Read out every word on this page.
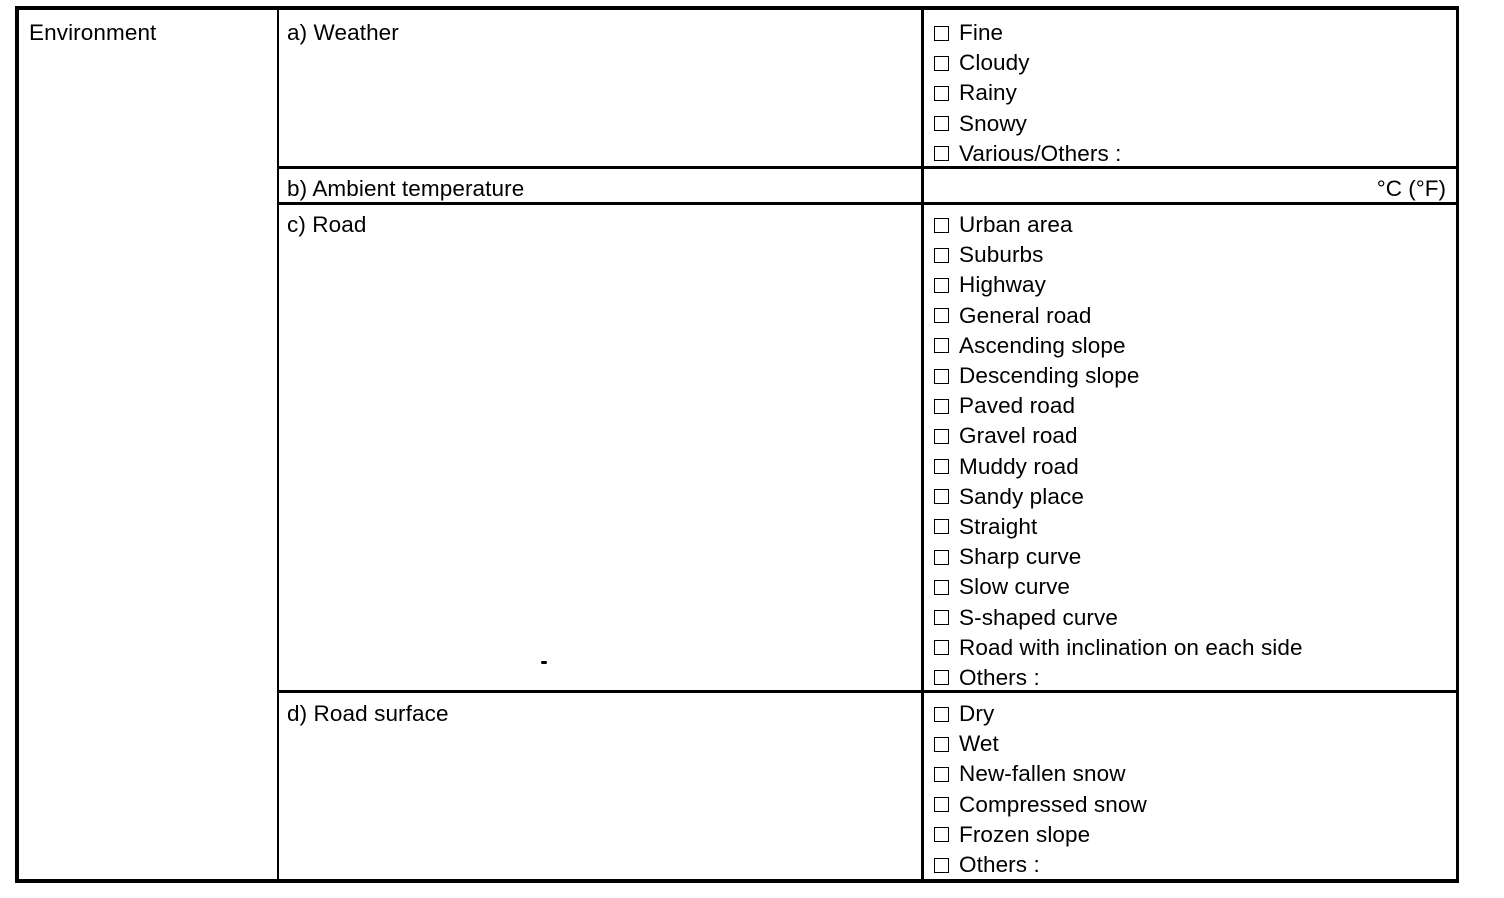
Environment	a) Weather	Fine
Cloudy
Rainy
Snowy
Various/Others :
b) Ambient temperature	°C (°F)
c) Road	Urban area
Suburbs
Highway
General road
Ascending slope
Descending slope
Paved road
Gravel road
Muddy road
Sandy place
Straight
Sharp curve
Slow curve
S-shaped curve
Road with inclination on each side
Others :
d) Road surface	Dry
Wet
New-fallen snow
Compressed snow
Frozen slope
Others :
